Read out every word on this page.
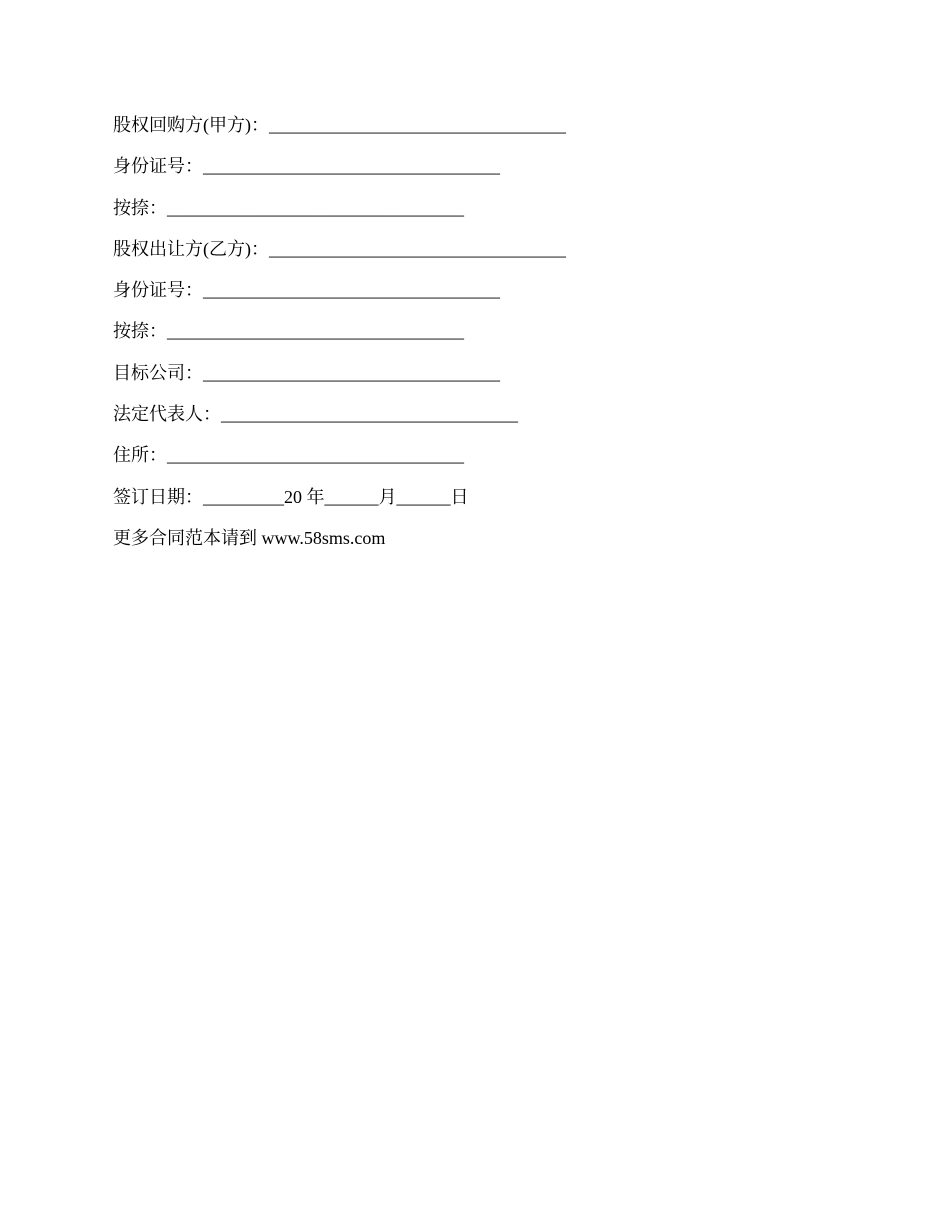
股权回购方(甲方)：_________________________________
身份证号：_________________________________
按捺：_________________________________
股权出让方(乙方)：_________________________________
身份证号：_________________________________
按捺：_________________________________
目标公司：_________________________________
法定代表人：_________________________________
住所：_________________________________
签订日期：_________20 年______月______日
更多合同范本请到 www.58sms.com
